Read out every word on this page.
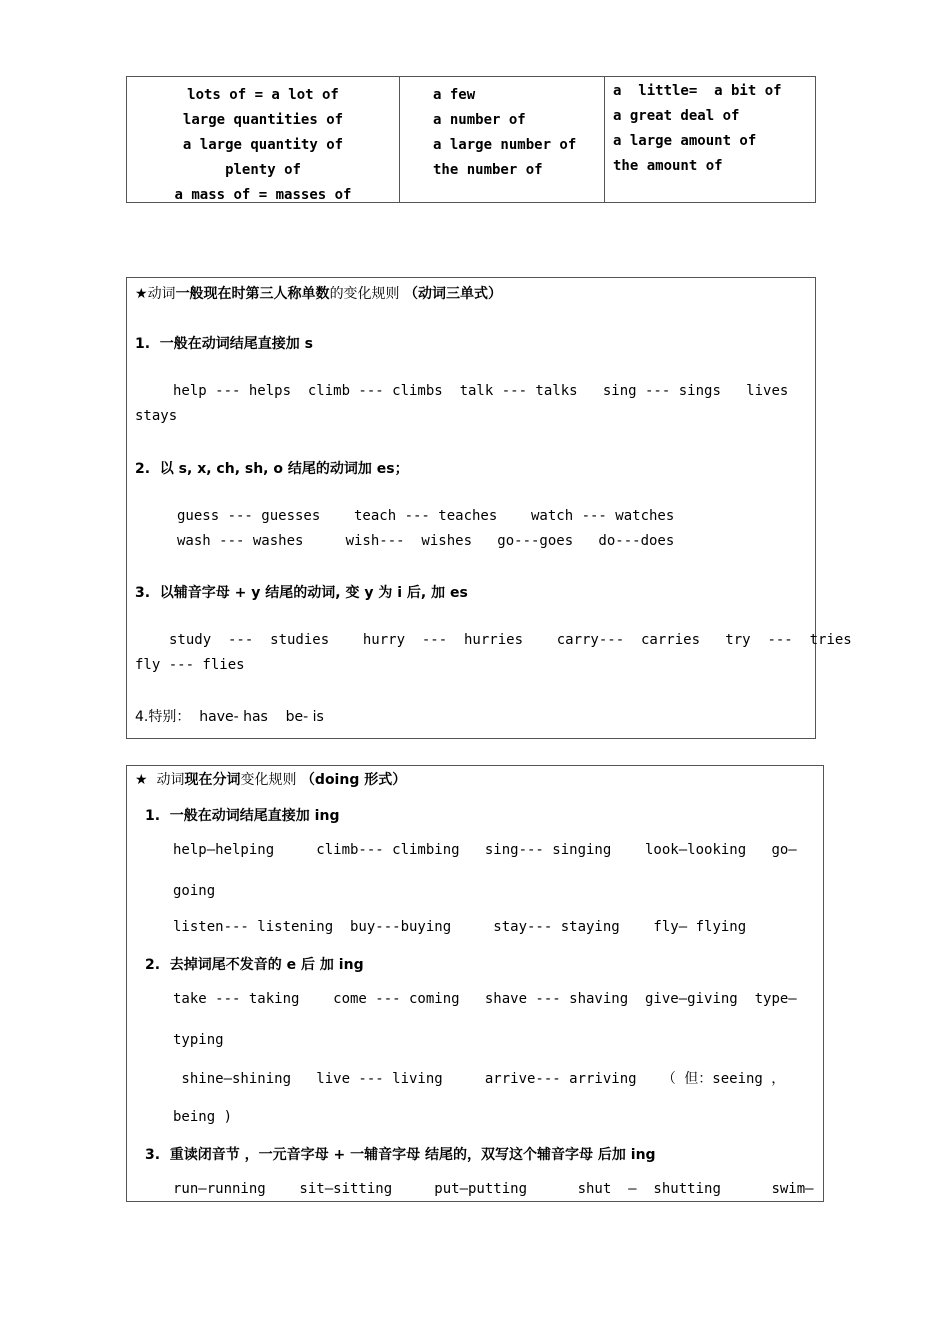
lots of = a lot of
large quantities of
a large quantity of
plenty of
a mass of = masses of
a few
a number of
a large number of
the number of
a  little=  a bit of
a great deal of
a large amount of
the amount of
★动词一般现在时第三人称单数的变化规则 （动词三单式）
1.  一般在动词结尾直接加 s
help --- helps  climb --- climbs  talk --- talks   sing --- sings   lives
stays
2.  以 s, x, ch, sh, o 结尾的动词加 es；
guess --- guesses    teach --- teaches    watch --- watches
wash --- washes     wish---  wishes   go---goes   do---does
3.  以辅音字母 + y 结尾的动词, 变 y 为 i 后, 加 es
study  ---  studies    hurry  ---  hurries    carry---  carries   try  ---  tries
fly --- flies
4.特别：  have- has    be- is
★ 动词现在分词变化规则 （doing 形式）
1.  一般在动词结尾直接加 ing
help—helping     climb--- climbing   sing--- singing    look—looking   go—
going
listen--- listening  buy---buying     stay--- staying    fly— flying
2.  去掉词尾不发音的 e 后 加 ing
take --- taking    come --- coming   shave --- shaving  give—giving  type—
typing
shine—shining   live --- living     arrive--- arriving   （ 但：seeing ，
being )
3.  重读闭音节 ，一元音字母 + 一辅音字母 结尾的，双写这个辅音字母 后加 ing
run—running    sit—sitting     put—putting      shut  –  shutting      swim—
